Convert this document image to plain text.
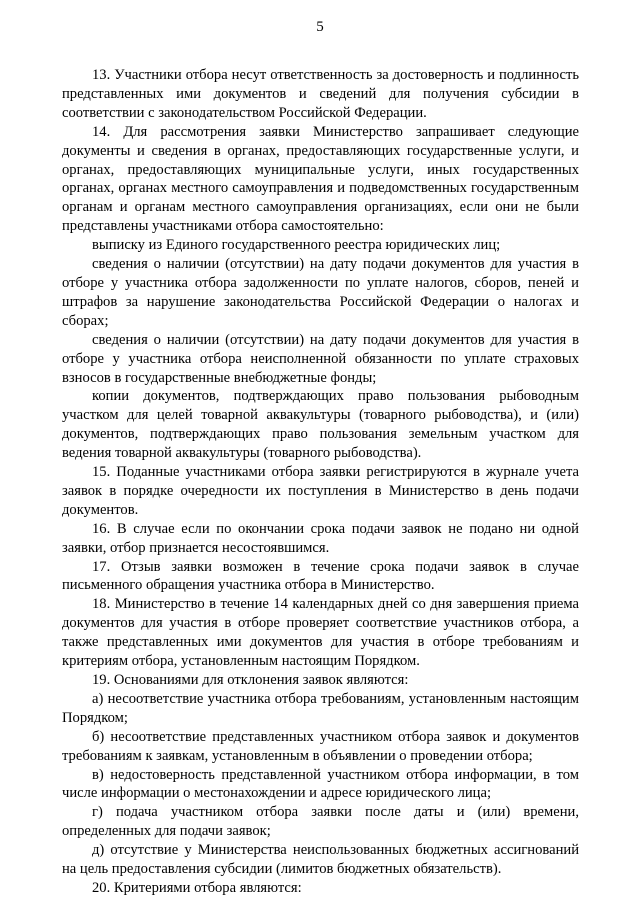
5

13. Участники отбора несут ответственность за достоверность и подлинность представленных ими документов и сведений для получения субсидии в соответствии с законодательством Российской Федерации.

14. Для рассмотрения заявки Министерство запрашивает следующие документы и сведения в органах, предоставляющих государственные услуги, и органах, предоставляющих муниципальные услуги, иных государственных органах, органах местного самоуправления и подведомственных государственным органам и органам местного самоуправления организациях, если они не были представлены участниками отбора самостоятельно:

выписку из Единого государственного реестра юридических лиц;

сведения о наличии (отсутствии) на дату подачи документов для участия в отборе у участника отбора задолженности по уплате налогов, сборов, пеней и штрафов за нарушение законодательства Российской Федерации о налогах и сборах;

сведения о наличии (отсутствии) на дату подачи документов для участия в отборе у участника отбора неисполненной обязанности по уплате страховых взносов в государственные внебюджетные фонды;

копии документов, подтверждающих право пользования рыбоводным участком для целей товарной аквакультуры (товарного рыбоводства), и (или) документов, подтверждающих право пользования земельным участком для ведения товарной аквакультуры (товарного рыбоводства).

15. Поданные участниками отбора заявки регистрируются в журнале учета заявок в порядке очередности их поступления в Министерство в день подачи документов.

16. В случае если по окончании срока подачи заявок не подано ни одной заявки, отбор признается несостоявшимся.

17. Отзыв заявки возможен в течение срока подачи заявок в случае письменного обращения участника отбора в Министерство.

18. Министерство в течение 14 календарных дней со дня завершения приема документов для участия в отборе проверяет соответствие участников отбора, а также представленных ими документов для участия в отборе требованиям и критериям отбора, установленным настоящим Порядком.

19. Основаниями для отклонения заявок являются:

а) несоответствие участника отбора требованиям, установленным настоящим Порядком;

б) несоответствие представленных участником отбора заявок и документов требованиям к заявкам, установленным в объявлении о проведении отбора;

в) недостоверность представленной участником отбора информации, в том числе информации о местонахождении и адресе юридического лица;

г) подача участником отбора заявки после даты и (или) времени, определенных для подачи заявок;

д) отсутствие у Министерства неиспользованных бюджетных ассигнований на цель предоставления субсидии (лимитов бюджетных обязательств).

20. Критериями отбора являются:
